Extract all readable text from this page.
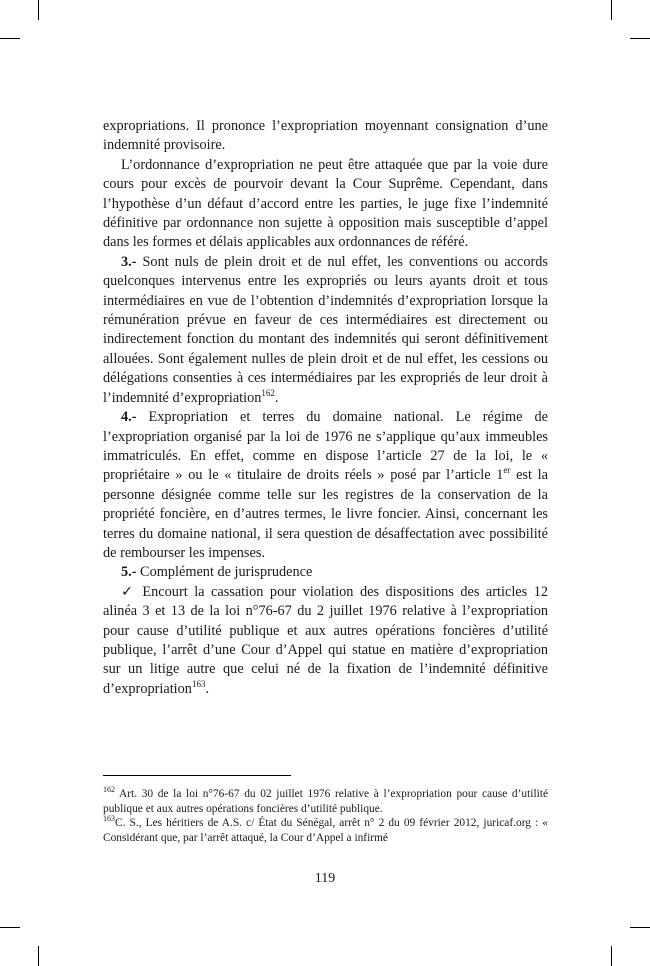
expropriations. Il prononce l’expropriation moyennant consignation d’une indemnité provisoire.

L’ordonnance d’expropriation ne peut être attaquée que par la voie dure cours pour excès de pourvoir devant la Cour Suprême. Cependant, dans l’hypothèse d’un défaut d’accord entre les parties, le juge fixe l’indemnité définitive par ordonnance non sujette à opposition mais susceptible d’appel dans les formes et délais applicables aux ordonnances de référé.

3.- Sont nuls de plein droit et de nul effet, les conventions ou accords quelconques intervenus entre les expropriés ou leurs ayants droit et tous intermédiaires en vue de l’obtention d’indemnités d’expropriation lorsque la rémunération prévue en faveur de ces intermédiaires est directement ou indirectement fonction du montant des indemnités qui seront définitivement allouées. Sont également nulles de plein droit et de nul effet, les cessions ou délégations consenties à ces intermédiaires par les expropriés de leur droit à l’indemnité d’expropriation$^{162}$.

4.- Expropriation et terres du domaine national. Le régime de l’expropriation organisé par la loi de 1976 ne s’applique qu’aux immeubles immatriculés. En effet, comme en dispose l’article 27 de la loi, le « propriétaire » ou le « titulaire de droits réels » posé par l’article 1er est la personne désignée comme telle sur les registres de la conservation de la propriété foncière, en d’autres termes, le livre foncier. Ainsi, concernant les terres du domaine national, il sera question de désaffectation avec possibilité de rembourser les impenses.

5.- Complément de jurisprudence

✓ Encourt la cassation pour violation des dispositions des articles 12 alinéa 3 et 13 de la loi n°76-67 du 2 juillet 1976 relative à l’expropriation pour cause d’utilité publique et aux autres opérations foncières d’utilité publique, l’arrêt d’une Cour d’Appel qui statue en matière d’expropriation sur un litige autre que celui né de la fixation de l’indemnité définitive d’expropriation$^{163}$.

$^{162}$ Art. 30 de la loi n°76-67 du 02 juillet 1976 relative à l’expropriation pour cause d’utilité publique et aux autres opérations foncières d’utilité publique.

$^{163}$C. S., Les héritiers de A.S. c/ État du Sénégal, arrêt n° 2 du 09 février 2012, juricaf.org : « Considérant que, par l’arrêt attaqué, la Cour d’Appel a infirmé

119
